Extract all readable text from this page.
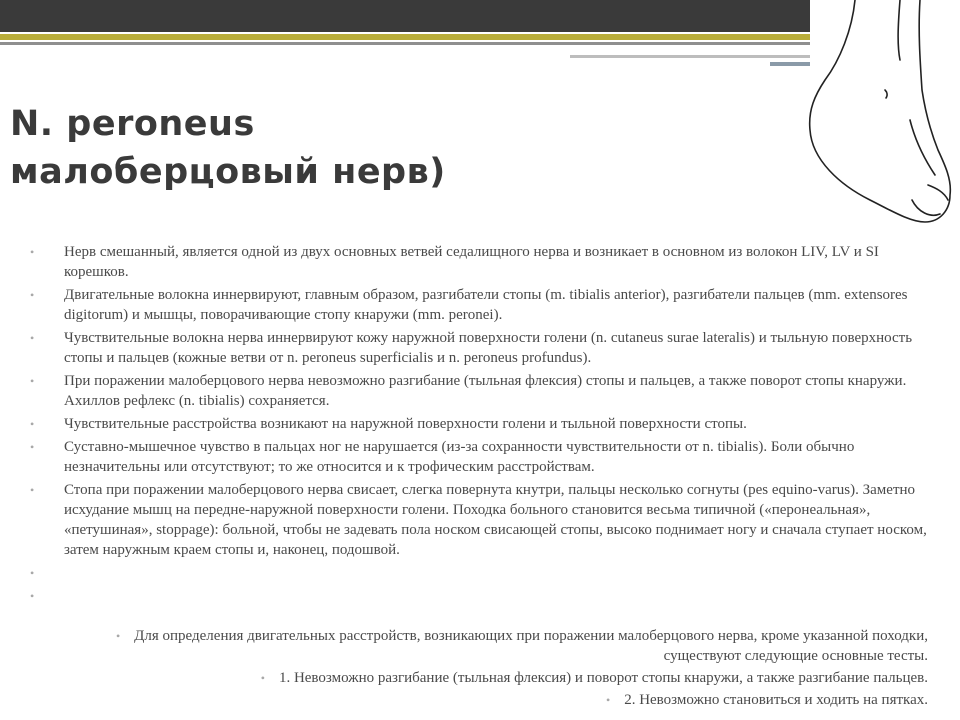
N. peroneus
малоберцовый нерв)
• Нерв смешанный, является одной из двух основных ветвей седалищного нерва и возникает в основном из волокон LIV, LV и SI корешков.
• Двигательные волокна иннервируют, главным образом, разгибатели стопы (m. tibialis anterior), разгибатели пальцев (mm. extensores digitorum) и мышцы, поворачивающие стопу кнаружи (mm. peronei).
• Чувствительные волокна нерва иннервируют кожу наружной поверхности голени (n. cutaneus surae lateralis) и тыльную поверхность стопы и пальцев (кожные ветви от n. peroneus superficialis и n. peroneus profundus).
• При поражении малоберцового нерва невозможно разгибание (тыльная флексия) стопы и пальцев, а также поворот стопы кнаружи. Ахиллов рефлекс (n. tibialis) сохраняется.
• Чувствительные расстройства возникают на наружной поверхности голени и тыльной поверхности стопы.
• Суставно-мышечное чувство в пальцах ног не нарушается (из-за сохранности чувствительности от n. tibialis). Боли обычно незначительны или отсутствуют; то же относится и к трофическим расстройствам.
• Стопа при поражении малоберцового нерва свисает, слегка повернута кнутри, пальцы несколько согнуты (pes equino-varus). Заметно исхудание мышц на передне-наружной поверхности голени. Походка больного становится весьма типичной («перонеальная», «петушиная», stoppage): больной, чтобы не задевать пола носком свисающей стопы, высоко поднимает ногу и сначала ступает носком, затем наружным краем стопы и, наконец, подошвой.
•
•
• Для определения двигательных расстройств, возникающих при поражении малоберцового нерва, кроме указанной походки, существуют следующие основные тесты.
• 1. Невозможно разгибание (тыльная флексия) и поворот стопы кнаружи, а также разгибание пальцев.
• 2. Невозможно становиться и ходить на пятках.
